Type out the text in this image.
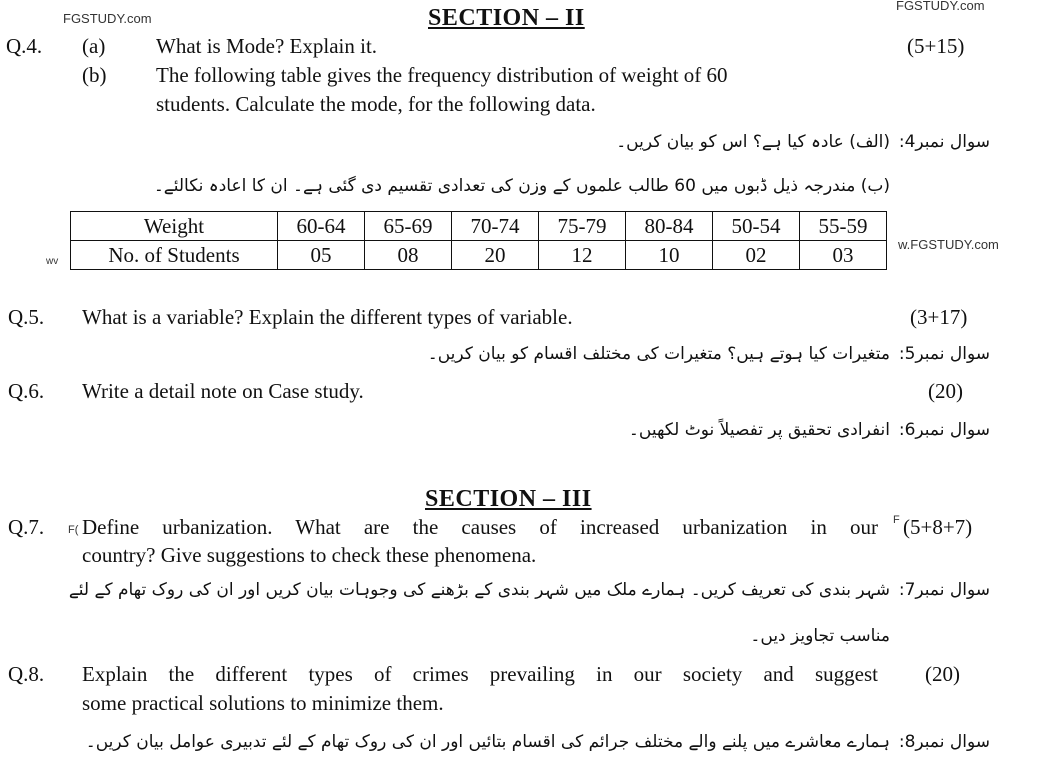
FGSTUDY.com
FGSTUDY.com
w.FGSTUDY.com
wv
F(
F
SECTION – II
Q.4. (a) What is Mode? Explain it.	(5+15)
(b) The following table gives the frequency distribution of weight of 60
students. Calculate the mode, for the following data.
سوال نمبر4:
(الف) عادہ کیا ہے؟ اس کو بیان کریں۔
(ب) مندرجہ ذیل ڈبوں میں 60 طالب علموں کے وزن کی تعدادی تقسیم دی گئی ہے۔ ان کا اعادہ نکالئے۔
Weight	60-64	65-69	70-74	75-79	80-84	50-54	55-59
No. of Students	05	08	20	12	10	02	03
Q.5. What is a variable? Explain the different types of variable.	(3+17)
سوال نمبر5:
متغیرات کیا ہوتے ہیں؟ متغیرات کی مختلف اقسام کو بیان کریں۔
Q.6. Write a detail note on Case study.	(20)
سوال نمبر6:
انفرادی تحقیق پر تفصیلاً نوٹ لکھیں۔
SECTION – III
Q.7. Define urbanization. What are the causes of increased urbanization in our
country? Give suggestions to check these phenomena.
(5+8+7)
سوال نمبر7:
شہر بندی کی تعریف کریں۔ ہمارے ملک میں شہر بندی کے بڑھنے کی وجوہات بیان کریں اور ان کی روک تھام کے لئے
مناسب تجاویز دیں۔
Q.8. Explain the different types of crimes prevailing in our society and suggest
some practical solutions to minimize them.
(20)
سوال نمبر8:
ہمارے معاشرے میں پلنے والے مختلف جرائم کی اقسام بتائیں اور ان کی روک تھام کے لئے تدبیری عوامل بیان کریں۔
